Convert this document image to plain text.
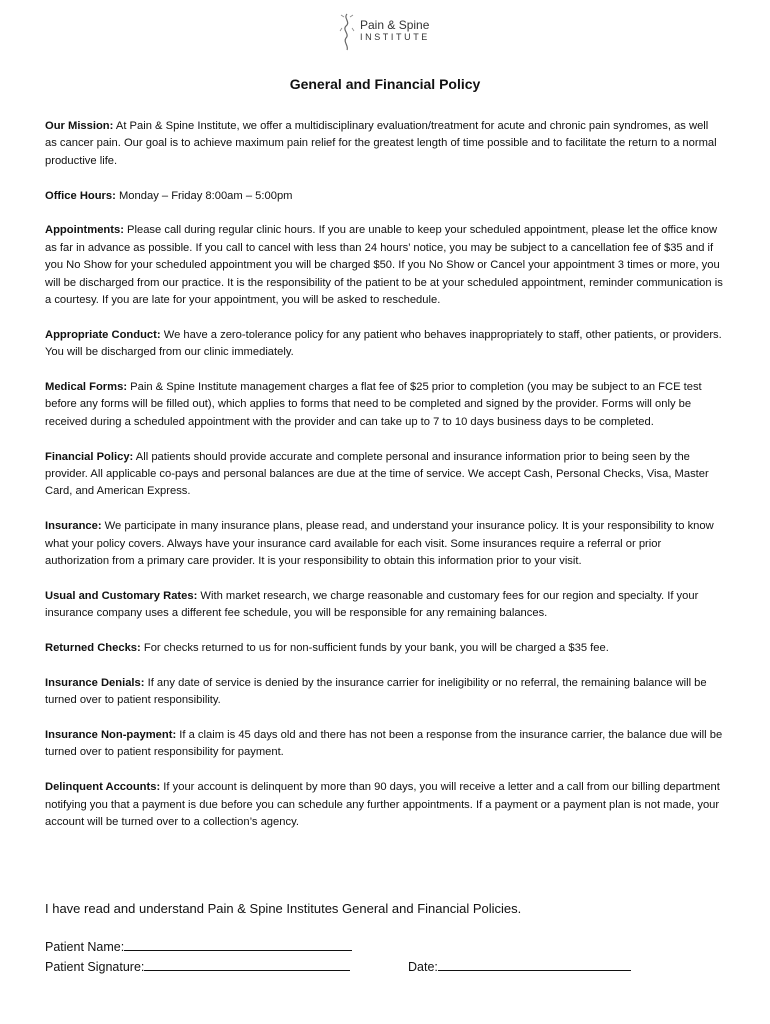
Pain & Spine
INSTITUTE
General and Financial Policy

Our Mission: At Pain & Spine Institute, we offer a multidisciplinary evaluation/treatment for acute and chronic pain syndromes, as well as cancer pain. Our goal is to achieve maximum pain relief for the greatest length of time possible and to facilitate the return to a normal productive life.

Office Hours: Monday – Friday 8:00am – 5:00pm

Appointments: Please call during regular clinic hours. If you are unable to keep your scheduled appointment, please let the office know as far in advance as possible. If you call to cancel with less than 24 hours’ notice, you may be subject to a cancellation fee of $35 and if you No Show for your scheduled appointment you will be charged $50. If you No Show or Cancel your appointment 3 times or more, you will be discharged from our practice. It is the responsibility of the patient to be at your scheduled appointment, reminder communication is a courtesy. If you are late for your appointment, you will be asked to reschedule.

Appropriate Conduct: We have a zero-tolerance policy for any patient who behaves inappropriately to staff, other patients, or providers. You will be discharged from our clinic immediately.

Medical Forms: Pain & Spine Institute management charges a flat fee of $25 prior to completion (you may be subject to an FCE test before any forms will be filled out), which applies to forms that need to be completed and signed by the provider. Forms will only be received during a scheduled appointment with the provider and can take up to 7 to 10 days business days to be completed.

Financial Policy: All patients should provide accurate and complete personal and insurance information prior to being seen by the provider. All applicable co-pays and personal balances are due at the time of service. We accept Cash, Personal Checks, Visa, Master Card, and American Express.

Insurance: We participate in many insurance plans, please read, and understand your insurance policy. It is your responsibility to know what your policy covers. Always have your insurance card available for each visit. Some insurances require a referral or prior authorization from a primary care provider. It is your responsibility to obtain this information prior to your visit.

Usual and Customary Rates: With market research, we charge reasonable and customary fees for our region and specialty. If your insurance company uses a different fee schedule, you will be responsible for any remaining balances.

Returned Checks: For checks returned to us for non-sufficient funds by your bank, you will be charged a $35 fee.

Insurance Denials: If any date of service is denied by the insurance carrier for ineligibility or no referral, the remaining balance will be turned over to patient responsibility.

Insurance Non-payment: If a claim is 45 days old and there has not been a response from the insurance carrier, the balance due will be turned over to patient responsibility for payment.

Delinquent Accounts: If your account is delinquent by more than 90 days, you will receive a letter and a call from our billing department notifying you that a payment is due before you can schedule any further appointments. If a payment or a payment plan is not made, your account will be turned over to a collection’s agency.

I have read and understand Pain & Spine Institutes General and Financial Policies.
Patient Name:
Patient Signature:	Date:
